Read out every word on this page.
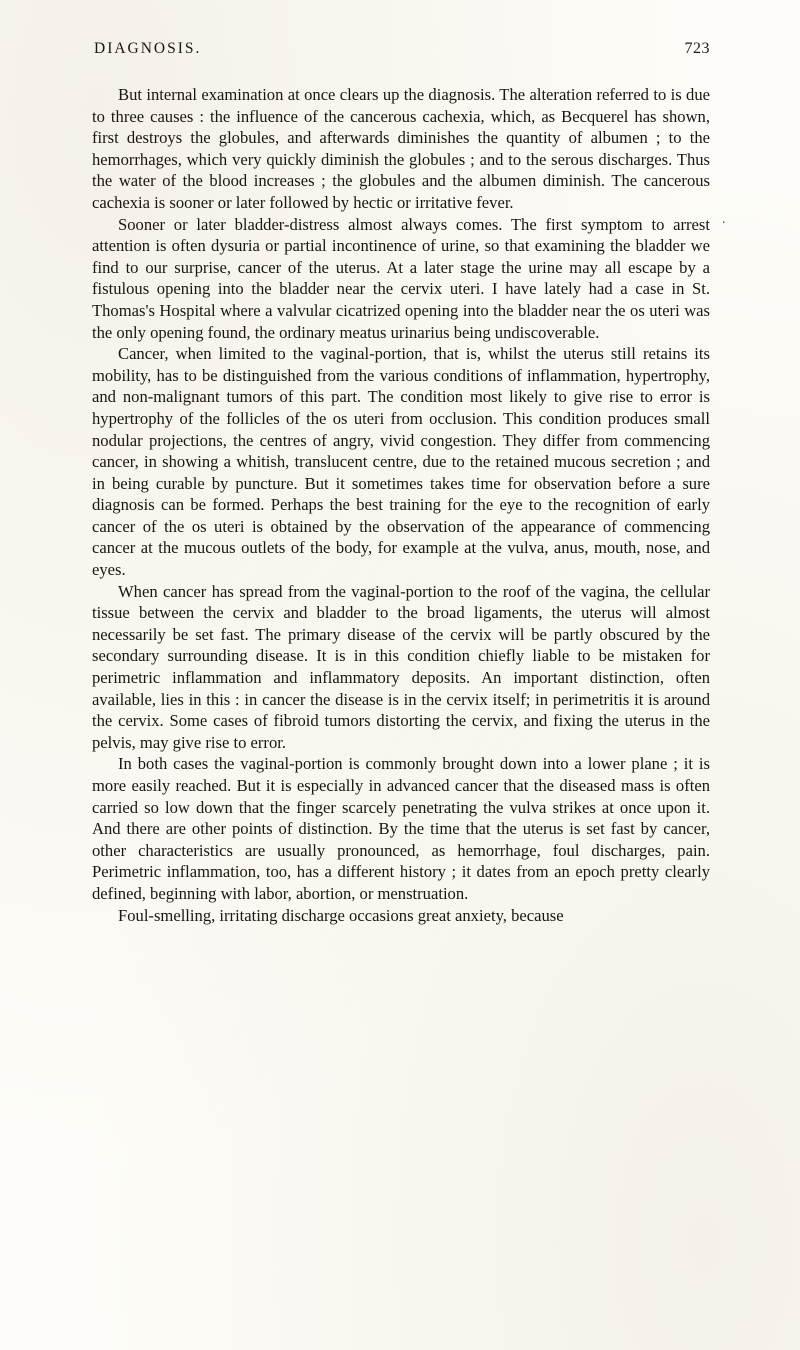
DIAGNOSIS.	723

But internal examination at once clears up the diagnosis. The alteration referred to is due to three causes : the influence of the cancerous cachexia, which, as Becquerel has shown, first destroys the globules, and afterwards diminishes the quantity of albumen ; to the hemorrhages, which very quickly diminish the globules ; and to the serous discharges. Thus the water of the blood increases ; the globules and the albumen diminish. The cancerous cachexia is sooner or later followed by hectic or irritative fever.

Sooner or later bladder-distress almost always comes. The first symptom to arrest attention is often dysuria or partial incontinence of urine, so that examining the bladder we find to our surprise, cancer of the uterus. At a later stage the urine may all escape by a fistulous opening into the bladder near the cervix uteri. I have lately had a case in St. Thomas's Hospital where a valvular cicatrized opening into the bladder near the os uteri was the only opening found, the ordinary meatus urinarius being undiscoverable.

Cancer, when limited to the vaginal-portion, that is, whilst the uterus still retains its mobility, has to be distinguished from the various conditions of inflammation, hypertrophy, and non-malignant tumors of this part. The condition most likely to give rise to error is hypertrophy of the follicles of the os uteri from occlusion. This condition produces small nodular projections, the centres of angry, vivid congestion. They differ from commencing cancer, in showing a whitish, translucent centre, due to the retained mucous secretion ; and in being curable by puncture. But it sometimes takes time for observation before a sure diagnosis can be formed. Perhaps the best training for the eye to the recognition of early cancer of the os uteri is obtained by the observation of the appearance of commencing cancer at the mucous outlets of the body, for example at the vulva, anus, mouth, nose, and eyes.

When cancer has spread from the vaginal-portion to the roof of the vagina, the cellular tissue between the cervix and bladder to the broad ligaments, the uterus will almost necessarily be set fast. The primary disease of the cervix will be partly obscured by the secondary surrounding disease. It is in this condition chiefly liable to be mistaken for perimetric inflammation and inflammatory deposits. An important distinction, often available, lies in this : in cancer the disease is in the cervix itself; in perimetritis it is around the cervix. Some cases of fibroid tumors distorting the cervix, and fixing the uterus in the pelvis, may give rise to error.

In both cases the vaginal-portion is commonly brought down into a lower plane ; it is more easily reached. But it is especially in advanced cancer that the diseased mass is often carried so low down that the finger scarcely penetrating the vulva strikes at once upon it. And there are other points of distinction. By the time that the uterus is set fast by cancer, other characteristics are usually pronounced, as hemorrhage, foul discharges, pain. Perimetric inflammation, too, has a different history ; it dates from an epoch pretty clearly defined, beginning with labor, abortion, or menstruation.

Foul-smelling, irritating discharge occasions great anxiety, because

·
